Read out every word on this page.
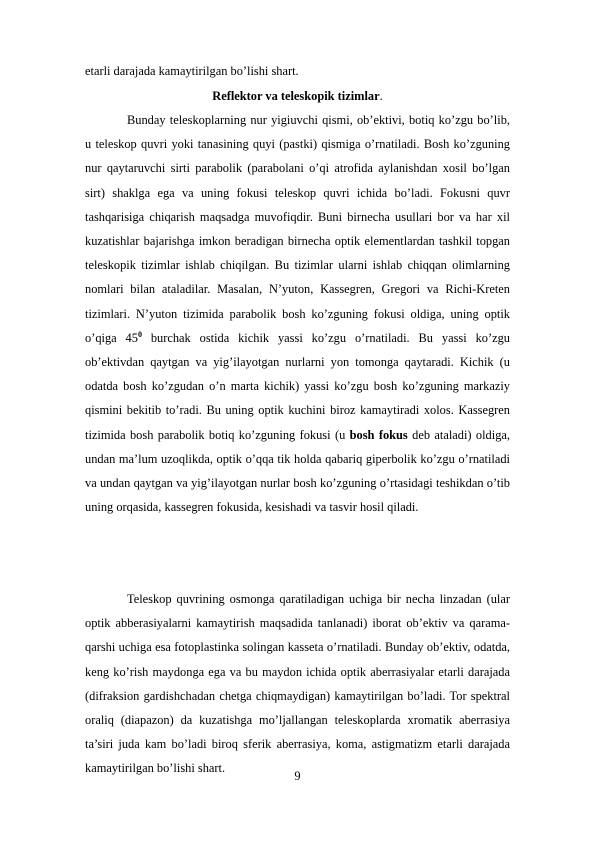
etarli darajada kamaytirilgan bo’lishi shart.
Reflektor va teleskopik tizimlar.

Bunday teleskoplarning nur yigiuvchi qismi, ob’ektivi, botiq ko’zgu bo’lib, u teleskop quvri yoki tanasining quyi (pastki) qismiga o’rnatiladi. Bosh ko’zguning nur qaytaruvchi sirti parabolik (parabolani o’qi atrofida aylanishdan xosil bo’lgan sirt) shaklga ega va uning fokusi teleskop quvri ichida bo’ladi. Fokusni quvr tashqarisiga chiqarish maqsadga muvofiqdir. Buni birnecha usullari bor va har xil kuzatishlar bajarishga imkon beradigan birnecha optik elementlardan tashkil topgan teleskopik tizimlar ishlab chiqilgan. Bu tizimlar ularni ishlab chiqqan olimlarning nomlari bilan ataladilar. Masalan, N’yuton, Kassegren, Gregori va Richi-Kreten tizimlari. N’yuton tizimida parabolik bosh ko’zguning fokusi oldiga, uning optik o’qiga $45^0$ burchak ostida kichik yassi ko’zgu o’rnatiladi. Bu yassi ko’zgu ob’ektivdan qaytgan va yig’ilayotgan nurlarni yon tomonga qaytaradi. Kichik (u odatda bosh ko’zgudan o’n marta kichik) yassi ko’zgu bosh ko’zguning markaziy qismini bekitib to’radi. Bu uning optik kuchini biroz kamaytiradi xolos. Kassegren tizimida bosh parabolik botiq ko’zguning fokusi (u bosh fokus deb ataladi) oldiga, undan ma’lum uzoqlikda, optik o’qqa tik holda qabariq giperbolik ko’zgu o’rnatiladi va undan qaytgan va yig’ilayotgan nurlar bosh ko’zguning o’rtasidagi teshikdan o’tib uning orqasida, kassegren fokusida, kesishadi va tasvir hosil qiladi.

Teleskop quvrining osmonga qaratiladigan uchiga bir necha linzadan (ular optik abberasiyalarni kamaytirish maqsadida tanlanadi) iborat ob’ektiv va qarama-qarshi uchiga esa fotoplastinka solingan kasseta o’rnatiladi. Bunday ob’ektiv, odatda, keng ko’rish maydonga ega va bu maydon ichida optik aberrasiyalar etarli darajada (difraksion gardishchadan chetga chiqmaydigan) kamaytirilgan bo’ladi. Tor spektral oraliq (diapazon) da kuzatishga mo’ljallangan teleskoplarda xromatik aberrasiya ta’siri juda kam bo’ladi biroq sferik aberrasiya, koma, astigmatizm etarli darajada kamaytirilgan bo’lishi shart.

9
